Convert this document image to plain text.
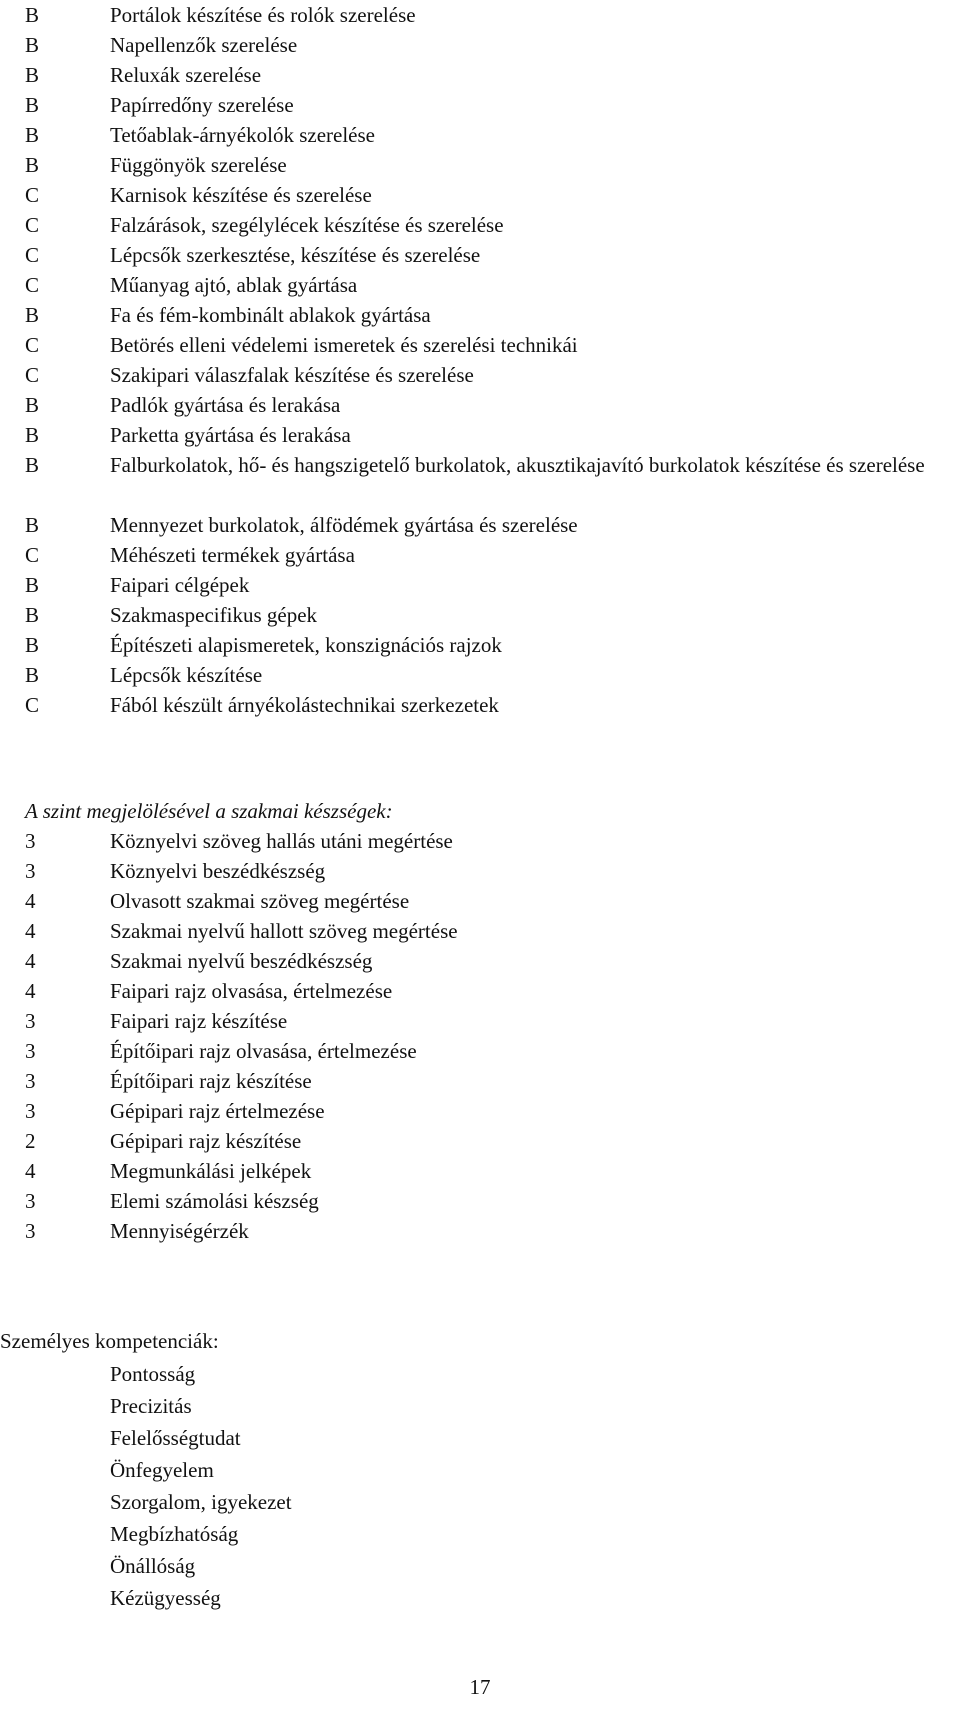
B	Portálok készítése és rolók szerelése
B	Napellenzők szerelése
B	Reluxák szerelése
B	Papírredőny szerelése
B	Tetőablak-árnyékolók szerelése
B	Függönyök szerelése
C	Karnisok készítése és szerelése
C	Falzárások, szegélylécek készítése és szerelése
C	Lépcsők szerkesztése, készítése és szerelése
C	Műanyag ajtó, ablak gyártása
B	Fa és fém-kombinált ablakok gyártása
C	Betörés elleni védelemi ismeretek és szerelési technikái
C	Szakipari válaszfalak készítése és szerelése
B	Padlók gyártása és lerakása
B	Parketta gyártása és lerakása
B	Falburkolatok, hő- és hangszigetelő burkolatok, akusztikajavító burkolatok készítése és szerelése
B	Mennyezet burkolatok, álfödémek gyártása és szerelése
C	Méhészeti termékek gyártása
B	Faipari célgépek
B	Szakmaspecifikus gépek
B	Építészeti alapismeretek, konszignációs rajzok
B	Lépcsők készítése
C	Fából készült árnyékolástechnikai szerkezetek
A szint megjelölésével a szakmai készségek:
3	Köznyelvi szöveg hallás utáni megértése
3	Köznyelvi beszédkészség
4	Olvasott szakmai szöveg megértése
4	Szakmai nyelvű hallott szöveg megértése
4	Szakmai nyelvű beszédkészség
4	Faipari rajz olvasása, értelmezése
3	Faipari rajz készítése
3	Építőipari rajz olvasása, értelmezése
3	Építőipari rajz készítése
3	Gépipari rajz értelmezése
2	Gépipari rajz készítése
4	Megmunkálási jelképek
3	Elemi számolási készség
3	Mennyiségérzék
Személyes kompetenciák:
Pontosság
Precizitás
Felelősségtudat
Önfegyelem
Szorgalom, igyekezet
Megbízhatóság
Önállóság
Kézügyesség
17
